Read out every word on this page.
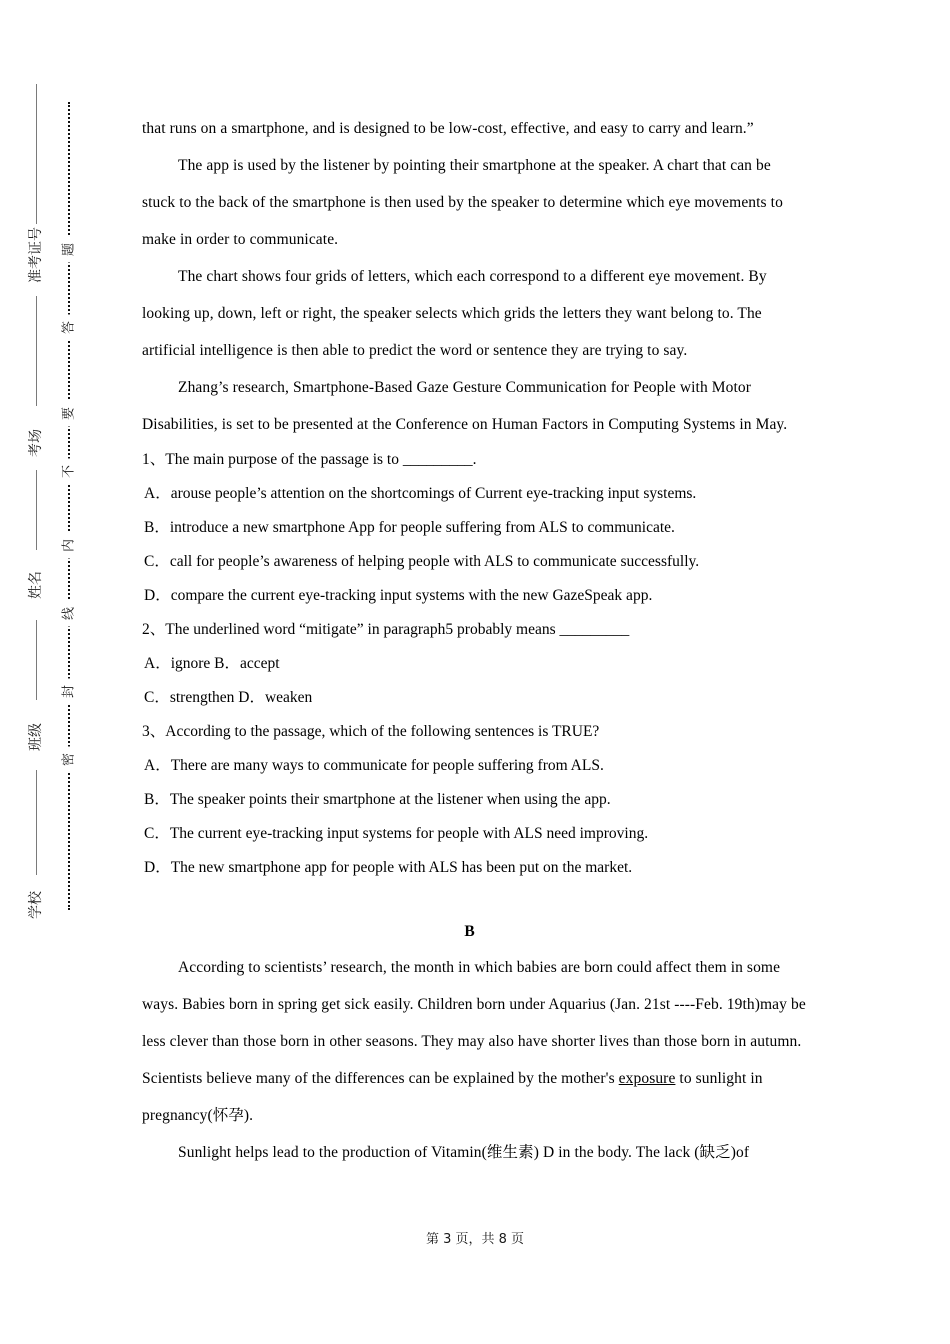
准考证号
考场
姓名
班级
学校
题
答
要
不
内
线
封
密

that runs on a smartphone, and is designed to be low-cost, effective, and easy to carry and learn.”

The app is used by the listener by pointing their smartphone at the speaker. A chart that can be stuck to the back of the smartphone is then used by the speaker to determine which eye movements to make in order to communicate.

The chart shows four grids of letters, which each correspond to a different eye movement. By looking up, down, left or right, the speaker selects which grids the letters they want belong to. The artificial intelligence is then able to predict the word or sentence they are trying to say.

Zhang’s research, Smartphone-Based Gaze Gesture Communication for People with Motor Disabilities, is set to be presented at the Conference on Human Factors in Computing Systems in May.

1、The main purpose of the passage is to _________.

A．arouse people’s attention on the shortcomings of Current eye-tracking input systems.

B．introduce a new smartphone App for people suffering from ALS to communicate.

C．call for people’s awareness of helping people with ALS to communicate successfully.

D．compare the current eye-tracking input systems with the new GazeSpeak app.

2、The underlined word “mitigate” in paragraph5 probably means _________

A．ignore B．accept

C．strengthen D．weaken

3、According to the passage, which of the following sentences is TRUE?

A．There are many ways to communicate for people suffering from ALS.

B．The speaker points their smartphone at the listener when using the app.

C．The current eye-tracking input systems for people with ALS need improving.

D．The new smartphone app for people with ALS has been put on the market.

B

According to scientists’ research, the month in which babies are born could affect them in some ways. Babies born in spring get sick easily. Children born under Aquarius (Jan. 21st ----Feb. 19th)may be less clever than those born in other seasons. They may also have shorter lives than those born in autumn. Scientists believe many of the differences can be explained by the mother's exposure to sunlight in pregnancy(怀孕).

Sunlight helps lead to the production of Vitamin(维生素) D in the body. The lack (缺乏)of

第 3 页，共 8 页
